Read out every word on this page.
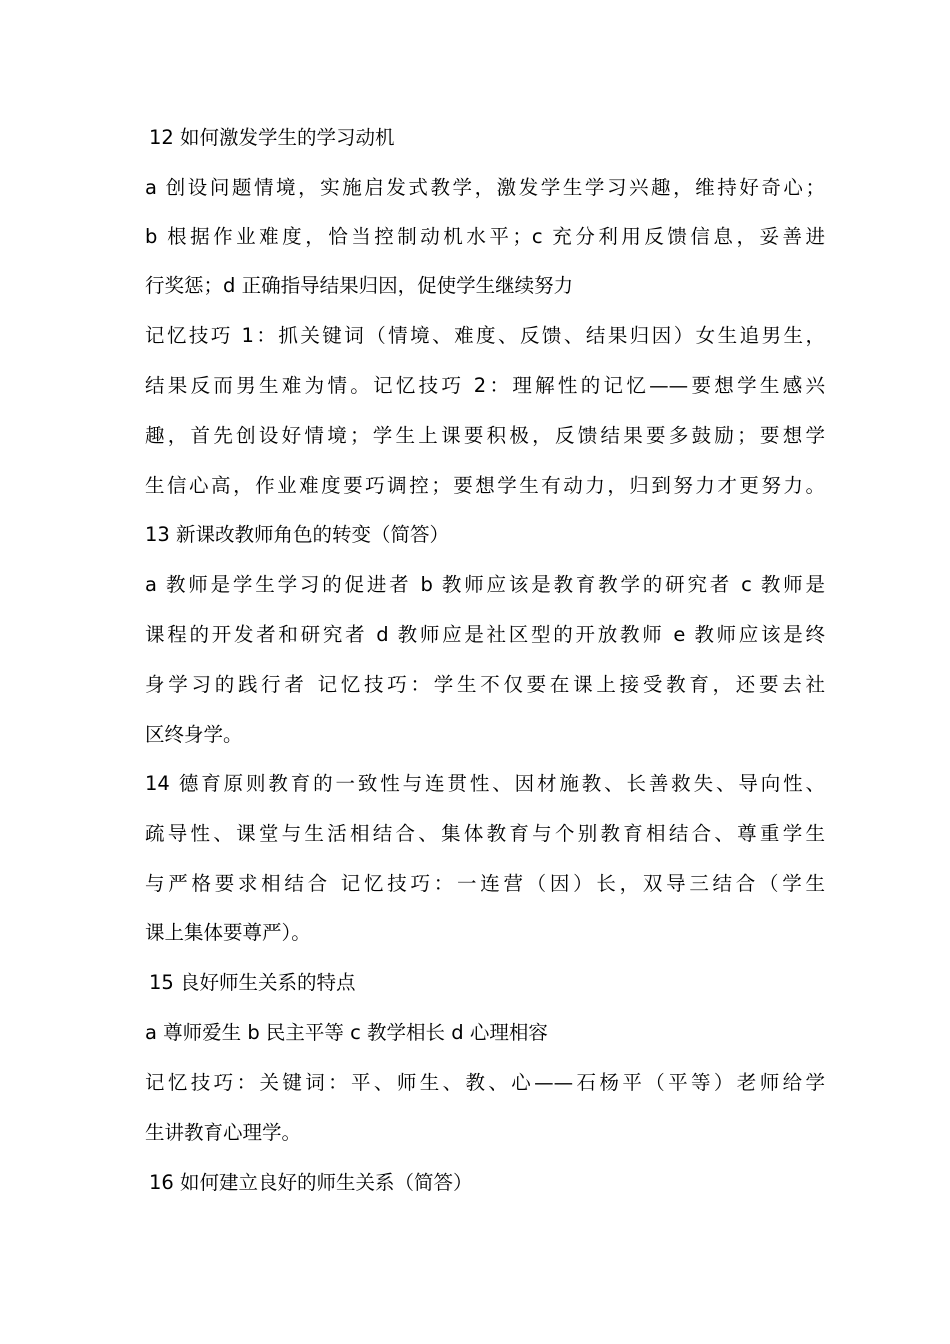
12 如何激发学生的学习动机
a 创设问题情境，实施启发式教学，激发学生学习兴趣，维持好奇心；
b 根据作业难度，恰当控制动机水平；c 充分利用反馈信息，妥善进
行奖惩；d 正确指导结果归因，促使学生继续努力
记忆技巧 1：抓关键词（情境、难度、反馈、结果归因）女生追男生，
结果反而男生难为情。记忆技巧 2：理解性的记忆——要想学生感兴
趣，首先创设好情境；学生上课要积极，反馈结果要多鼓励；要想学
生信心高，作业难度要巧调控；要想学生有动力，归到努力才更努力。
13 新课改教师角色的转变（简答）
a 教师是学生学习的促进者 b 教师应该是教育教学的研究者 c 教师是
课程的开发者和研究者 d 教师应是社区型的开放教师 e 教师应该是终
身学习的践行者 记忆技巧：学生不仅要在课上接受教育，还要去社
区终身学。
14 德育原则教育的一致性与连贯性、因材施教、长善救失、导向性、
疏导性、课堂与生活相结合、集体教育与个别教育相结合、尊重学生
与严格要求相结合 记忆技巧：一连营（因）长，双导三结合（学生
课上集体要尊严）。
15 良好师生关系的特点
a 尊师爱生 b 民主平等 c 教学相长 d 心理相容
记忆技巧：关键词：平、师生、教、心——石杨平（平等）老师给学
生讲教育心理学。
16 如何建立良好的师生关系（简答）
